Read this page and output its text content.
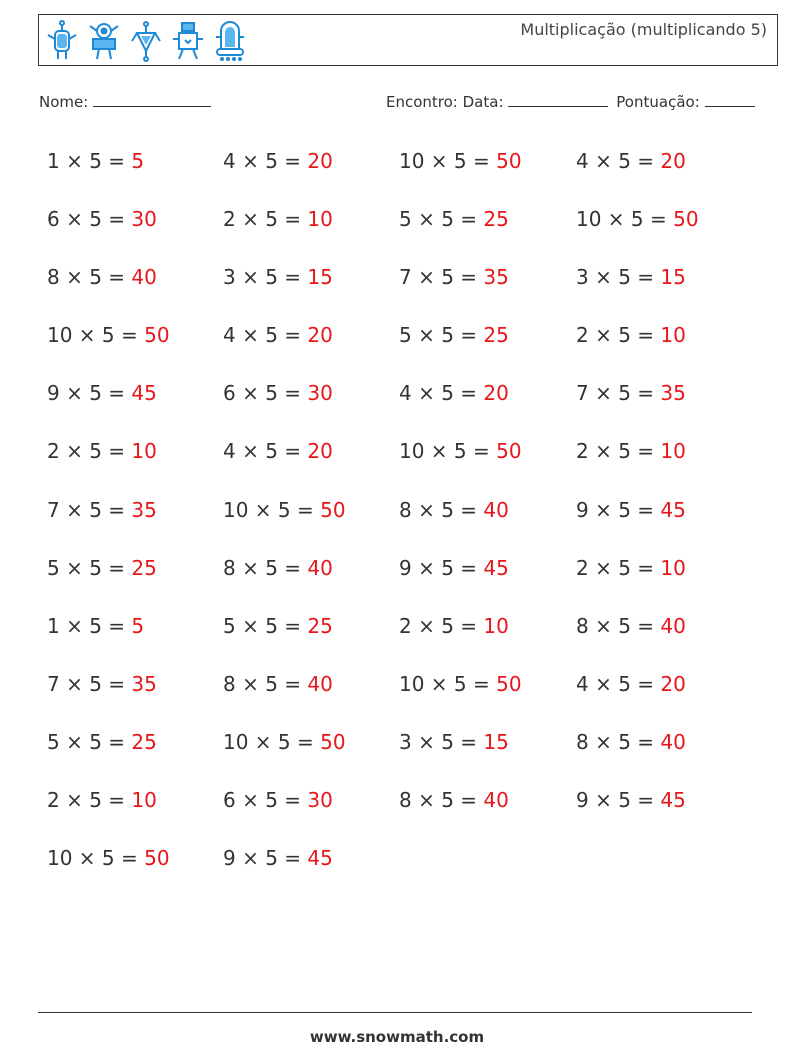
Multiplicação (multiplicando 5)
Nome:	Encontro: Data:	Pontuação:
1 × 5 = 5	4 × 5 = 20	10 × 5 = 50	4 × 5 = 20
6 × 5 = 30	2 × 5 = 10	5 × 5 = 25	10 × 5 = 50
8 × 5 = 40	3 × 5 = 15	7 × 5 = 35	3 × 5 = 15
10 × 5 = 50	4 × 5 = 20	5 × 5 = 25	2 × 5 = 10
9 × 5 = 45	6 × 5 = 30	4 × 5 = 20	7 × 5 = 35
2 × 5 = 10	4 × 5 = 20	10 × 5 = 50	2 × 5 = 10
7 × 5 = 35	10 × 5 = 50	8 × 5 = 40	9 × 5 = 45
5 × 5 = 25	8 × 5 = 40	9 × 5 = 45	2 × 5 = 10
1 × 5 = 5	5 × 5 = 25	2 × 5 = 10	8 × 5 = 40
7 × 5 = 35	8 × 5 = 40	10 × 5 = 50	4 × 5 = 20
5 × 5 = 25	10 × 5 = 50	3 × 5 = 15	8 × 5 = 40
2 × 5 = 10	6 × 5 = 30	8 × 5 = 40	9 × 5 = 45
10 × 5 = 50	9 × 5 = 45
www.snowmath.com
